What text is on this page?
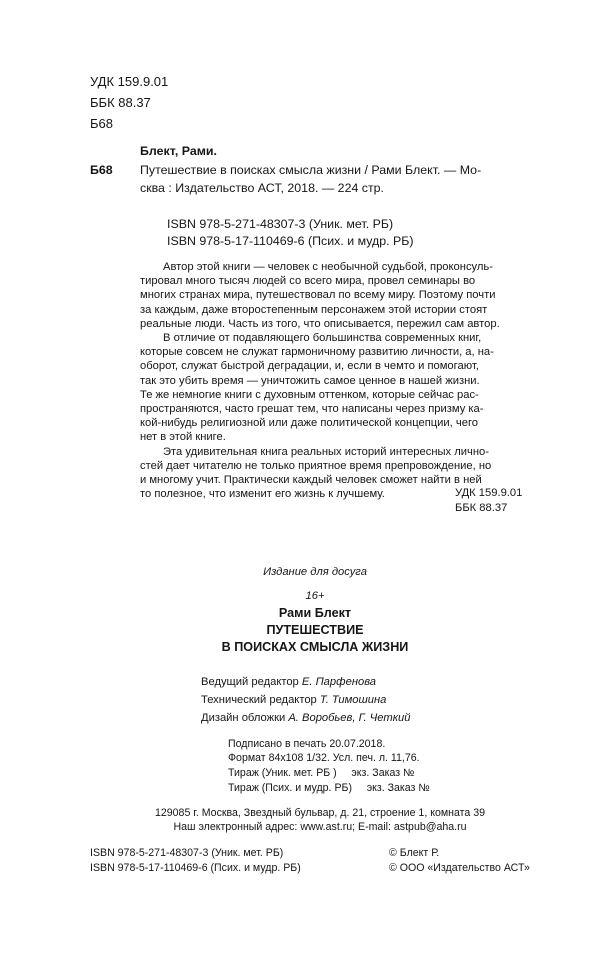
УДК 159.9.01
ББК 88.37
Б68
Б68
Блект, Рами.
Путешествие в поисках смысла жизни / Рами Блект. — Мо-
сква : Издательство АСТ, 2018. — 224 стр.
ISBN 978-5-271-48307-3 (Уник. мет. РБ)
ISBN 978-5-17-110469-6 (Псих. и мудр. РБ)
Автор этой книги — человек с необычной судьбой, проконсуль-
тировал много тысяч людей со всего мира, провел семинары во
многих странах мира, путешествовал по всему миру. Поэтому почти
за каждым, даже второстепенным персонажем этой истории стоят
реальные люди. Часть из того, что описывается, пережил сам автор.
В отличие от подавляющего большинства современных книг,
которые совсем не служат гармоничному развитию личности, а, на-
оборот, служат быстрой деградации, и, если в чемто и помогают,
так это убить время — уничтожить самое ценное в нашей жизни.
Те же немногие книги с духовным оттенком, которые сейчас рас-
пространяются, часто грешат тем, что написаны через призму ка-
кой-нибудь религиозной или даже политической концепции, чего
нет в этой книге.
Эта удивительная книга реальных историй интересных лично-
стей дает читателю не только приятное время препровождение, но
и многому учит. Практически каждый человек сможет найти в ней
то полезное, что изменит его жизнь к лучшему.	УДК 159.9.01
ББК 88.37
Издание для досуга
16+
Рами Блект
ПУТЕШЕСТВИЕ
В ПОИСКАХ СМЫСЛА ЖИЗНИ
Ведущий редактор Е. Парфенова
Технический редактор Т. Тимошина
Дизайн обложки А. Воробьев, Г. Четкий
Подписано в печать 20.07.2018.
Формат 84x108 1/32. Усл. печ. л. 11,76.
Тираж (Уник. мет. РБ )     экз. Заказ №
Тираж (Псих. и мудр. РБ)     экз. Заказ №
129085 г. Москва, Звездный бульвар, д. 21, строение 1, комната 39
Наш электронный адрес: www.ast.ru; E-mail: astpub@aha.ru
ISBN 978-5-271-48307-3 (Уник. мет. РБ)
ISBN 978-5-17-110469-6 (Псих. и мудр. РБ)
© Блект Р.
© ООО «Издательство АСТ»
